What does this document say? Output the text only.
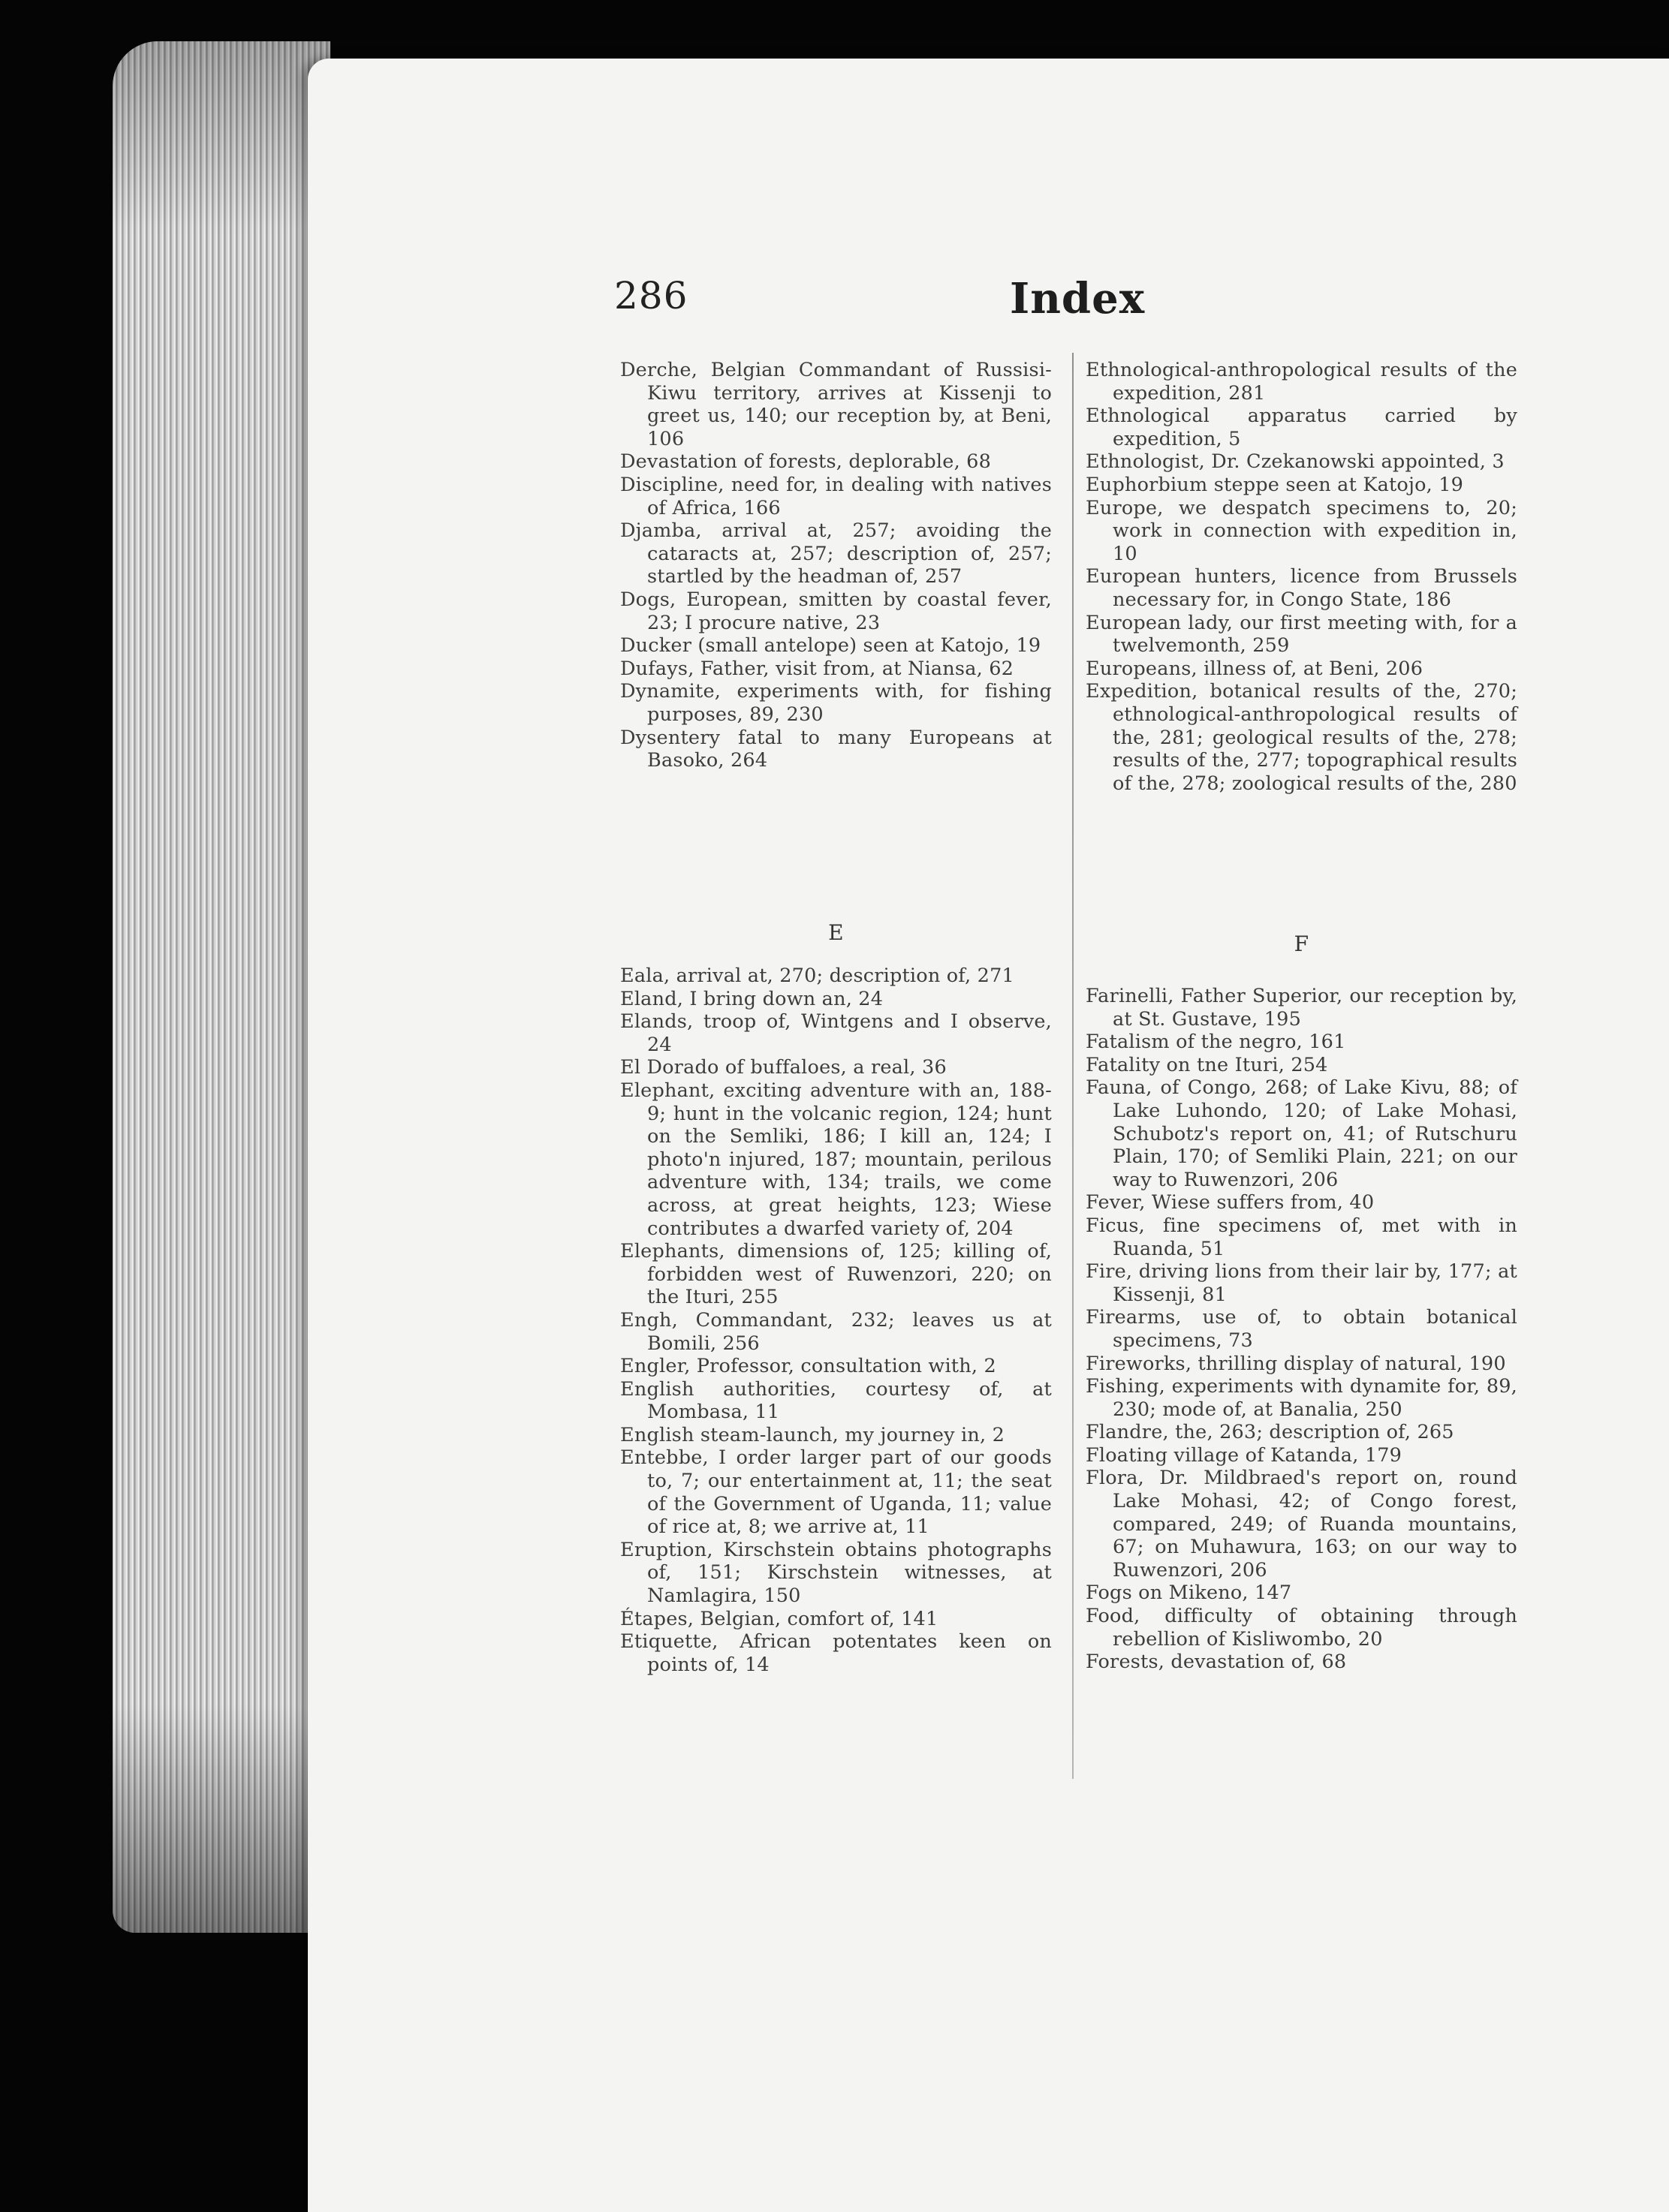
286	Index

Derche, Belgian Commandant of Russisi-Kiwu territory, arrives at Kissenji to greet us, 140; our reception by, at Beni, 106

Devastation of forests, deplorable, 68

Discipline, need for, in dealing with natives of Africa, 166

Djamba, arrival at, 257; avoiding the cataracts at, 257; description of, 257; startled by the headman of, 257

Dogs, European, smitten by coastal fever, 23; I procure native, 23

Ducker (small antelope) seen at Katojo, 19

Dufays, Father, visit from, at Niansa, 62

Dynamite, experiments with, for fishing purposes, 89, 230

Dysentery fatal to many Europeans at Basoko, 264

E

Eala, arrival at, 270; description of, 271

Eland, I bring down an, 24

Elands, troop of, Wintgens and I observe, 24

El Dorado of buffaloes, a real, 36

Elephant, exciting adventure with an, 188-9; hunt in the volcanic region, 124; hunt on the Semliki, 186; I kill an, 124; I photo'n injured, 187; mountain, perilous adventure with, 134; trails, we come across, at great heights, 123; Wiese contributes a dwarfed variety of, 204

Elephants, dimensions of, 125; killing of, forbidden west of Ruwenzori, 220; on the Ituri, 255

Engh, Commandant, 232; leaves us at Bomili, 256

Engler, Professor, consultation with, 2

English authorities, courtesy of, at Mombasa, 11

English steam-launch, my journey in, 2

Entebbe, I order larger part of our goods to, 7; our entertainment at, 11; the seat of the Government of Uganda, 11; value of rice at, 8; we arrive at, 11

Eruption, Kirschstein obtains photographs of, 151; Kirschstein witnesses, at Namlagira, 150

Étapes, Belgian, comfort of, 141

Etiquette, African potentates keen on points of, 14

Ethnological-anthropological results of the expedition, 281

Ethnological apparatus carried by expedition, 5

Ethnologist, Dr. Czekanowski appointed, 3

Euphorbium steppe seen at Katojo, 19

Europe, we despatch specimens to, 20; work in connection with expedition in, 10

European hunters, licence from Brussels necessary for, in Congo State, 186

European lady, our first meeting with, for a twelvemonth, 259

Europeans, illness of, at Beni, 206

Expedition, botanical results of the, 270; ethnological-anthropological results of the, 281; geological results of the, 278; results of the, 277; topographical results of the, 278; zoological results of the, 280

F

Farinelli, Father Superior, our reception by, at St. Gustave, 195

Fatalism of the negro, 161

Fatality on tne Ituri, 254

Fauna, of Congo, 268; of Lake Kivu, 88; of Lake Luhondo, 120; of Lake Mohasi, Schubotz's report on, 41; of Rutschuru Plain, 170; of Semliki Plain, 221; on our way to Ruwenzori, 206

Fever, Wiese suffers from, 40

Ficus, fine specimens of, met with in Ruanda, 51

Fire, driving lions from their lair by, 177; at Kissenji, 81

Firearms, use of, to obtain botanical specimens, 73

Fireworks, thrilling display of natural, 190

Fishing, experiments with dynamite for, 89, 230; mode of, at Banalia, 250

Flandre, the, 263; description of, 265

Floating village of Katanda, 179

Flora, Dr. Mildbraed's report on, round Lake Mohasi, 42; of Congo forest, compared, 249; of Ruanda mountains, 67; on Muhawura, 163; on our way to Ruwenzori, 206

Fogs on Mikeno, 147

Food, difficulty of obtaining through rebellion of Kisliwombo, 20

Forests, devastation of, 68
